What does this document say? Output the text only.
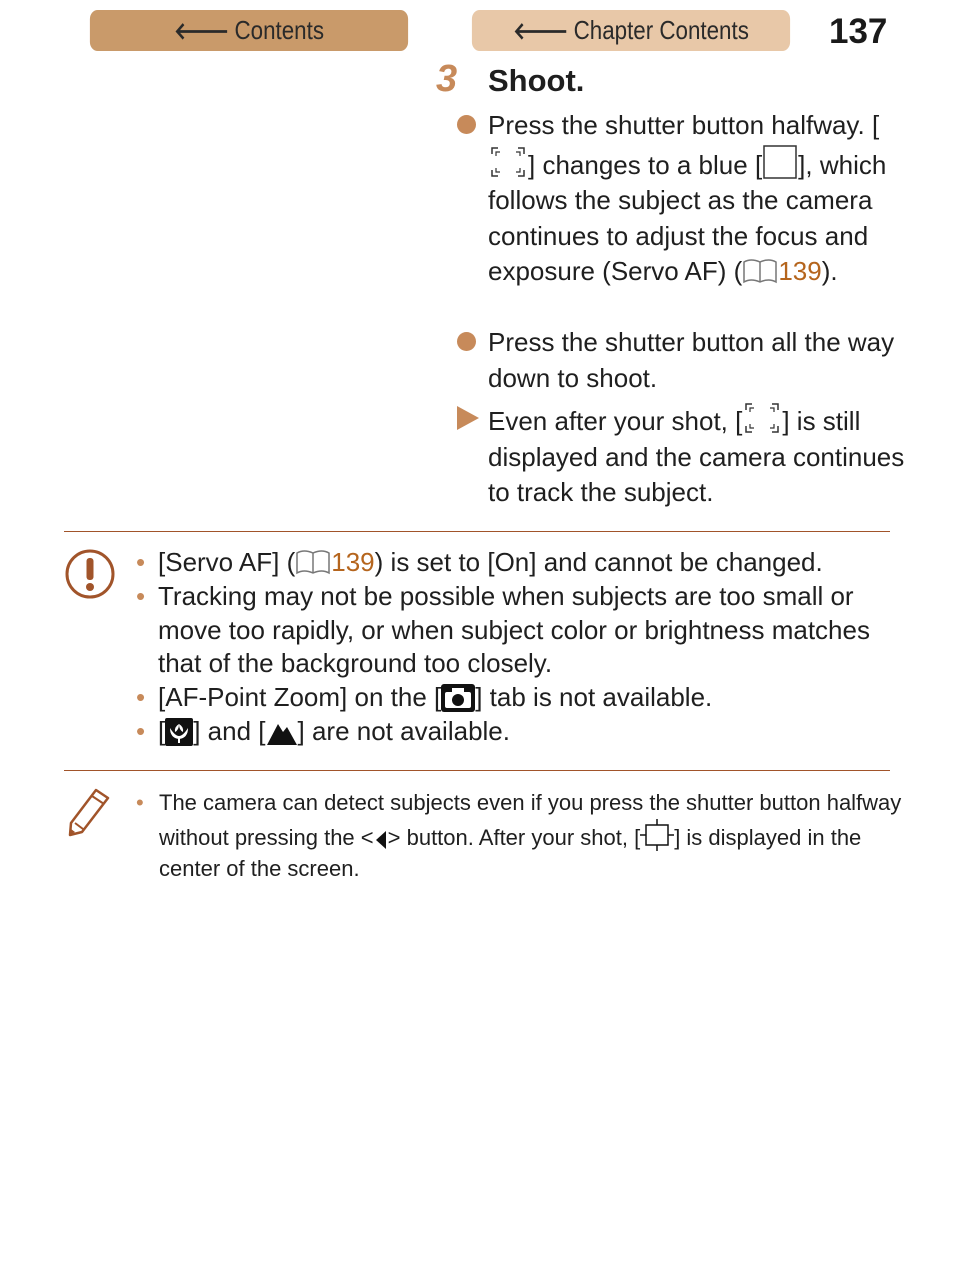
🡐 Contents	🡐 Chapter Contents 137
3 Shoot.
Press the shutter button halfway. [] changes to a blue [ ], which follows the subject as the camera continues to adjust the focus and exposure (Servo AF) ( 139).
Press the shutter button all the way down to shoot.
Even after your shot, [ ] is still displayed and the camera continues to track the subject.
• [Servo AF] ( 139) is set to [On] and cannot be changed.
• Tracking may not be possible when subjects are too small or move too rapidly, or when subject color or brightness matches that of the background too closely.
• [AF-Point Zoom] on the [ ] tab is not available.
• [ ] and [ ] are not available.
• The camera can detect subjects even if you press the shutter button halfway without pressing the < > button. After your shot, [ ] is displayed in the center of the screen.
